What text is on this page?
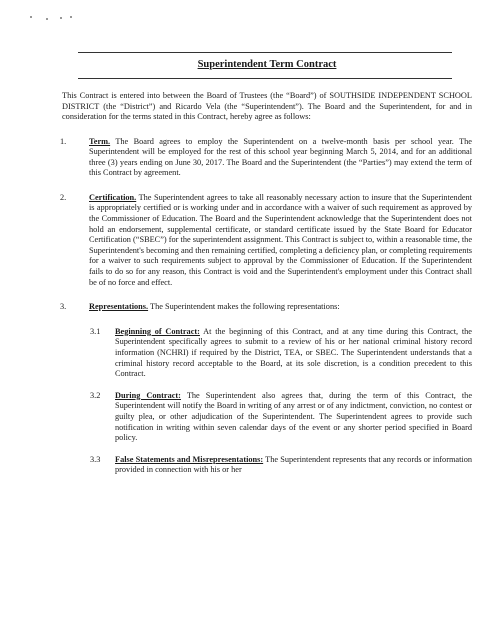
Superintendent Term Contract

This Contract is entered into between the Board of Trustees (the “Board”) of SOUTHSIDE INDEPENDENT SCHOOL DISTRICT (the “District”) and Ricardo Vela (the “Superintendent”). The Board and the Superintendent, for and in consideration for the terms stated in this Contract, hereby agree as follows:

1.	Term. The Board agrees to employ the Superintendent on a twelve-month basis per school year. The Superintendent will be employed for the rest of this school year beginning March 5, 2014, and for an additional three (3) years ending on June 30, 2017. The Board and the Superintendent (the “Parties”) may extend the term of this Contract by agreement.

2.	Certification. The Superintendent agrees to take all reasonably necessary action to insure that the Superintendent is appropriately certified or is working under and in accordance with a waiver of such requirement as approved by the Commissioner of Education. The Board and the Superintendent acknowledge that the Superintendent does not hold an endorsement, supplemental certificate, or standard certificate issued by the State Board for Educator Certification (“SBEC”) for the superintendent assignment. This Contract is subject to, within a reasonable time, the Superintendent's becoming and then remaining certified, completing a deficiency plan, or completing requirements for a waiver to such requirements subject to approval by the Commissioner of Education. If the Superintendent fails to do so for any reason, this Contract is void and the Superintendent's employment under this Contract shall be of no force and effect.

3.	Representations. The Superintendent makes the following representations:

3.1 Beginning of Contract: At the beginning of this Contract, and at any time during this Contract, the Superintendent specifically agrees to submit to a review of his or her national criminal history record information (NCHRI) if required by the District, TEA, or SBEC. The Superintendent understands that a criminal history record acceptable to the Board, at its sole discretion, is a condition precedent to this Contract.

3.2 During Contract: The Superintendent also agrees that, during the term of this Contract, the Superintendent will notify the Board in writing of any arrest or of any indictment, conviction, no contest or guilty plea, or other adjudication of the Superintendent. The Superintendent agrees to provide such notification in writing within seven calendar days of the event or any shorter period specified in Board policy.

3.3 False Statements and Misrepresentations: The Superintendent represents that any records or information provided in connection with his or her
